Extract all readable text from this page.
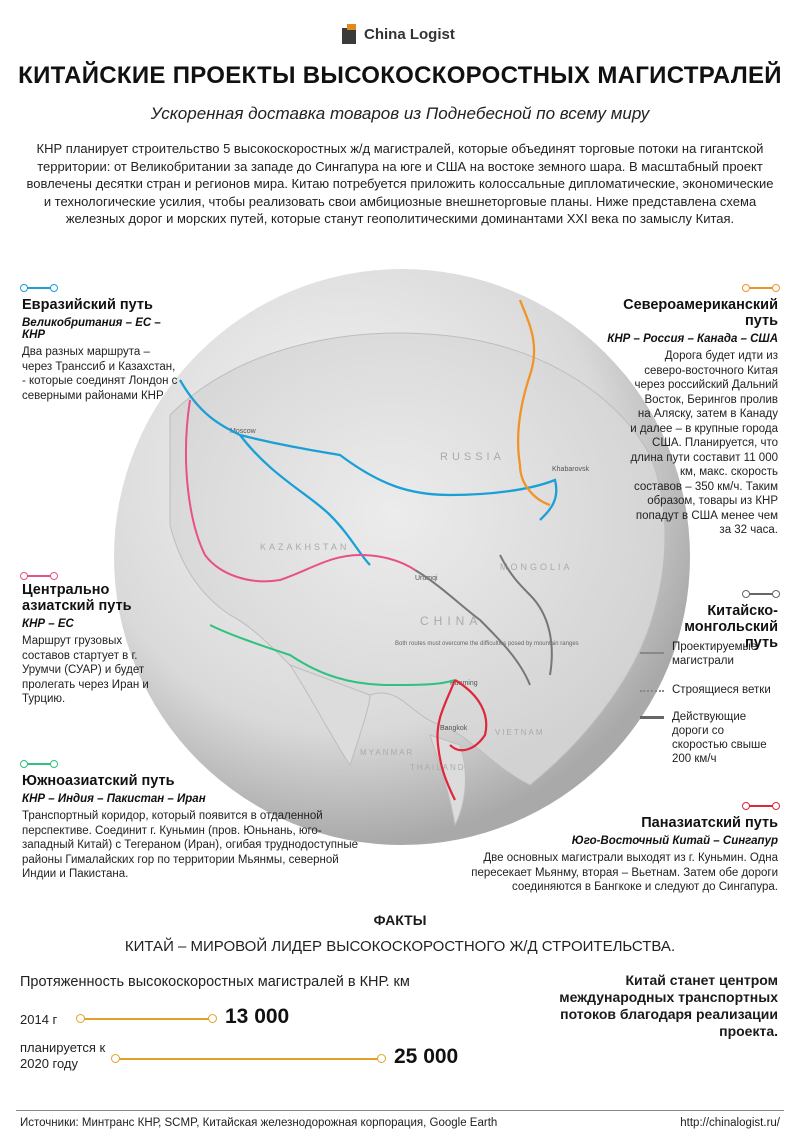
China Logist
КИТАЙСКИЕ ПРОЕКТЫ ВЫСОКОСКОРОСТНЫХ МАГИСТРАЛЕЙ
Ускоренная доставка товаров из Поднебесной по всему миру
КНР планирует строительство 5 высокоскоростных ж/д магистралей, которые объединят торговые потоки на гигантской территории: от Великобритании за западе до Сингапура на юге и США на востоке земного шара. В масштабный проект вовлечены десятки стран и регионов мира. Китаю потребуется приложить колоссальные дипломатические, экономические и технологические усилия, чтобы реализовать свои амбициозные внешнеторговые планы. Ниже представлена схема железных дорог и морских путей, которые станут геополитическими доминантами XXI века по замыслу Китая.
RUSSIA
CHINA
MONGOLIA
KAZAKHSTAN
MYANMAR
THAILAND
VIETNAM
Moscow
Khabarovsk
Urumqi
Kunming
Bangkok
Both routes must overcome the difficulties posed by mountain ranges
Евразийский путь
Великобритания – ЕС – КНР
Два разных маршрута – через Транссиб и Казахстан, - которые соединят Лондон с северными районами КНР
Североамериканский путь
КНР – Россия – Канада – США
Дорога будет идти из северо-восточного Китая через российский Дальний Восток, Берингов пролив на Аляску, затем в Канаду и далее – в крупные города США. Планируется, что длина пути составит 11 000 км, макс. скорость составов – 350 км/ч. Таким образом, товары из КНР попадут в США менее чем за 32 часа.
Центрально азиатский путь
КНР – ЕС
Маршрут грузовых составов стартует в г. Урумчи (СУАР) и будет пролегать через Иран и Турцию.
Китайско-монгольский путь
Проектируемые магистрали
Строящиеся ветки
Действующие дороги со скоростью свыше 200 км/ч
Южноазиатский путь
КНР – Индия – Пакистан – Иран
Транспортный коридор, который появится в отдаленной перспективе. Соединит г. Куньмин (пров. Юньнань, юго-западный Китай) с Тегераном (Иран), огибая труднодоступные районы Гималайских гор по территории Мьянмы, северной Индии и Пакистана.
Паназиатский путь
Юго-Восточный Китай – Сингапур
Две основных магистрали выходят из г. Куньмин. Одна пересекает Мьянму, вторая – Вьетнам. Затем обе дороги соединяются в Бангкоке и следуют до Сингапура.
ФАКТЫ
КИТАЙ – МИРОВОЙ ЛИДЕР ВЫСОКОСКОРОСТНОГО Ж/Д СТРОИТЕЛЬСТВА.
Протяженность высокоскоростных магистралей в КНР. км
2014 г	13 000
планируется к 2020 году	25 000
Китай станет центром международных транспортных потоков благодаря реализации проекта.
Источники: Минтранс КНР, SCMP, Китайская железнодорожная корпорация, Google Earth	http://chinalogist.ru/
